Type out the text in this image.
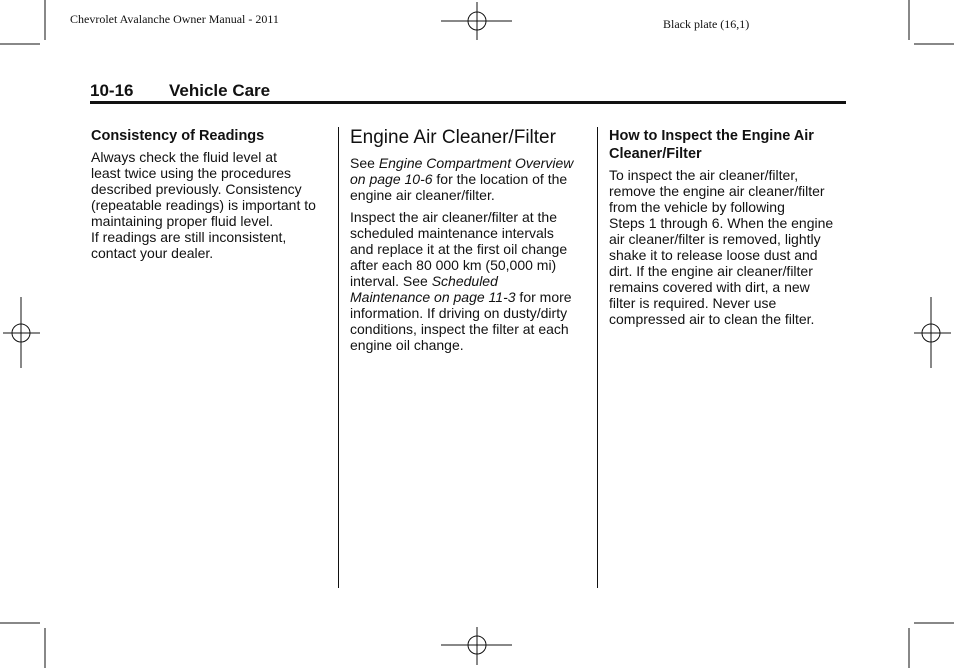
Chevrolet Avalanche Owner Manual - 2011	Black plate (16,1)
10-16 Vehicle Care
Consistency of Readings
Always check the fluid level at
least twice using the procedures
described previously. Consistency
(repeatable readings) is important to
maintaining proper fluid level.
If readings are still inconsistent,
contact your dealer.
Engine Air Cleaner/Filter

See Engine Compartment Overview
on page 10-6 for the location of the
engine air cleaner/filter.

Inspect the air cleaner/filter at the
scheduled maintenance intervals
and replace it at the first oil change
after each 80 000 km (50,000 mi)
interval. See Scheduled
Maintenance on page 11-3 for more
information. If driving on dusty/dirty
conditions, inspect the filter at each
engine oil change.

How to Inspect the Engine Air
Cleaner/Filter
To inspect the air cleaner/filter,
remove the engine air cleaner/filter
from the vehicle by following
Steps 1 through 6. When the engine
air cleaner/filter is removed, lightly
shake it to release loose dust and
dirt. If the engine air cleaner/filter
remains covered with dirt, a new
filter is required. Never use
compressed air to clean the filter.
